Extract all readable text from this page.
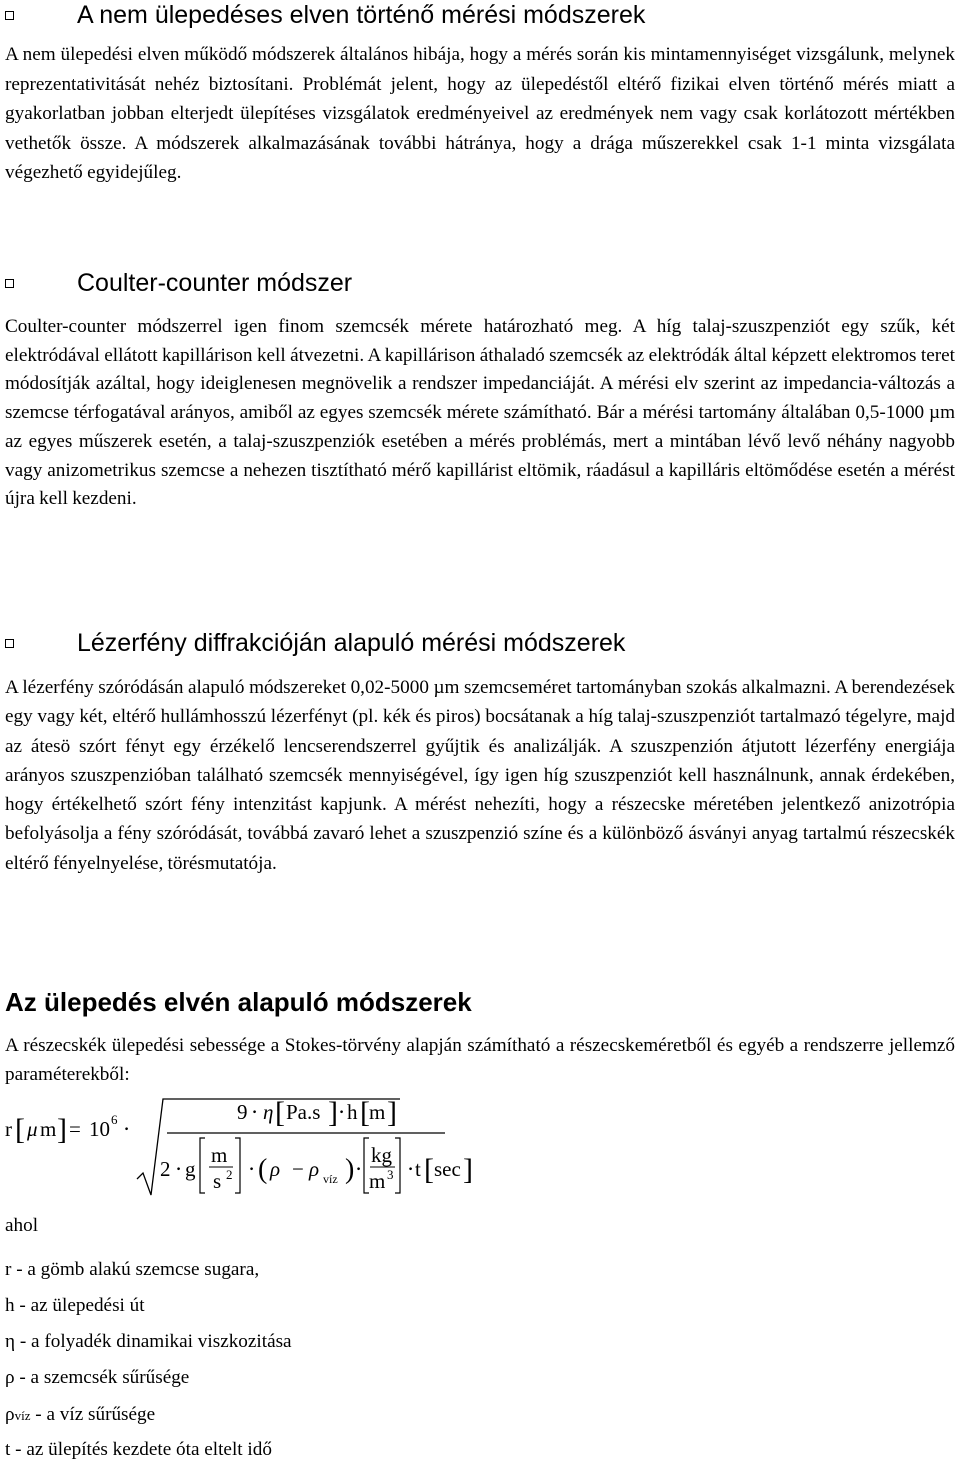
A nem ülepedéses elven történő mérési módszerek

A nem ülepedési elven működő módszerek általános hibája, hogy a mérés során kis mintamennyiséget vizsgálunk, melynek reprezentativitását nehéz biztosítani. Problémát jelent, hogy az ülepedéstől eltérő fizikai elven történő mérés miatt a gyakorlatban jobban elterjedt ülepítéses vizsgálatok eredményeivel az eredmények nem vagy csak korlátozott mértékben vethetők össze. A módszerek alkalmazásának további hátránya, hogy a drága műszerekkel csak 1-1 minta vizsgálata végezhető egyidejűleg.

Coulter-counter módszer

Coulter-counter módszerrel igen finom szemcsék mérete határozható meg. A híg talaj-szuszpenziót egy szűk, két elektródával ellátott kapillárison kell átvezetni. A kapillárison áthaladó szemcsék az elektródák által képzett elektromos teret módosítják azáltal, hogy ideiglenesen megnövelik a rendszer impedanciáját. A mérési elv szerint az impedancia-változás a szemcse térfogatával arányos, amiből az egyes szemcsék mérete számítható. Bár a mérési tartomány általában 0,5-1000 µm az egyes műszerek esetén, a talaj-szuszpenziók esetében a mérés problémás, mert a mintában lévő levő néhány nagyobb vagy anizometrikus szemcse a nehezen tisztítható mérő kapillárist eltömik, ráadásul a kapilláris eltömődése esetén a mérést újra kell kezdeni.

Lézerfény diffrakcióján alapuló mérési módszerek

A lézerfény szóródásán alapuló módszereket 0,02-5000 µm szemcseméret tartományban szokás alkalmazni. A berendezések egy vagy két, eltérő hullámhosszú lézerfényt (pl. kék és piros) bocsátanak a híg talaj-szuszpenziót tartalmazó tégelyre, majd az átesö szórt fényt egy érzékelő lencserendszerrel gyűjtik és analizálják. A szuszpenzión átjutott lézerfény energiája arányos szuszpenzióban található szemcsék mennyiségével, így igen híg szuszpenziót kell használnunk, annak érdekében, hogy értékelhető szórt fény intenzitást kapjunk. A mérést nehezíti, hogy a részecske méretében jelentkező anizotrópia befolyásolja a fény szóródását, továbbá zavaró lehet a szuszpenzió színe és a különböző ásványi anyag tartalmú részecskék eltérő fényelnyelése, törésmutatója.

Az ülepedés elvén alapuló módszerek

A részecskék ülepedési sebessége a Stokes-törvény alapján számítható a részecskeméretből és egyéb a rendszerre jellemző paraméterekből:

r [ μ m ] = 10 6 ⋅
9 ⋅ η [ Pa.s ] ⋅ h [ m ]
2 ⋅ g
m
s 2 ⋅ ( ρ − ρ víz ) ⋅
kg
m 3 ⋅ t [ sec ]
ahol
r - a gömb alakú szemcse sugara,
h - az ülepedési út
η - a folyadék dinamikai viszkozitása
ρ - a szemcsék sűrűsége
ρvíz - a víz sűrűsége
t - az ülepítés kezdete óta eltelt idő
